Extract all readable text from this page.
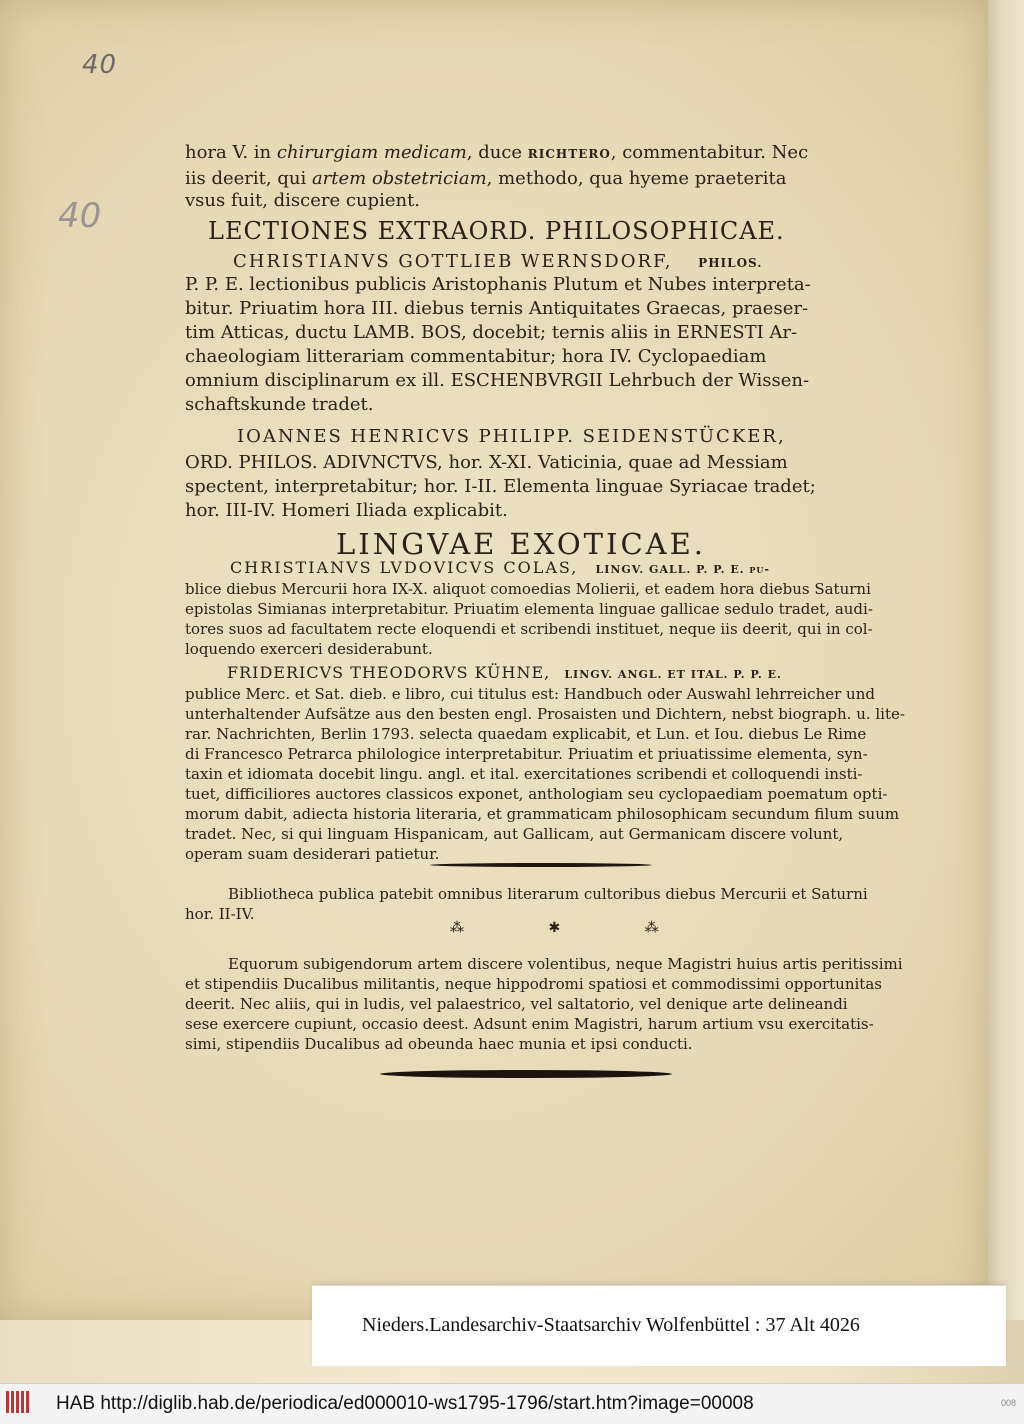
40
40
hora V. in chirurgiam medicam, duce RICHTERO, commentabitur. Nec
iis deerit, qui artem obstetriciam, methodo, qua hyeme praeterita
vsus fuit, discere cupient.
LECTIONES EXTRAORD. PHILOSOPHICAE.
CHRISTIANVS GOTTLIEB WERNSDORF, PHILOS.
P. P. E. lectionibus publicis Aristophanis Plutum et Nubes interpreta-
bitur. Priuatim hora III. diebus ternis Antiquitates Graecas, praeser-
tim Atticas, ductu LAMB. BOS, docebit; ternis aliis in ERNESTI Ar-
chaeologiam litterariam commentabitur; hora IV. Cyclopaediam
omnium disciplinarum ex ill. ESCHENBVRGII Lehrbuch der Wissen-
schaftskunde tradet.
IOANNES HENRICVS PHILIPP. SEIDENSTÜCKER,
ORD. PHILOS. ADIVNCTVS, hor. X-XI. Vaticinia, quae ad Messiam
spectent, interpretabitur; hor. I-II. Elementa linguae Syriacae tradet;
hor. III-IV. Homeri Iliada explicabit.
LINGVAE EXOTICAE.
CHRISTIANVS LVDOVICVS COLAS, LINGV. GALL. P. P. E. pu-
blice diebus Mercurii hora IX-X. aliquot comoedias Molierii, et eadem hora diebus Saturni
epistolas Simianas interpretabitur. Priuatim elementa linguae gallicae sedulo tradet, audi-
tores suos ad facultatem recte eloquendi et scribendi instituet, neque iis deerit, qui in col-
loquendo exerceri desiderabunt.
FRIDERICVS THEODORVS KÜHNE, LINGV. ANGL. ET ITAL. P. P. E.
publice Merc. et Sat. dieb. e libro, cui titulus est: Handbuch oder Auswahl lehrreicher und
unterhaltender Aufsätze aus den besten engl. Prosaisten und Dichtern, nebst biograph. u. lite-
rar. Nachrichten, Berlin 1793. selecta quaedam explicabit, et Lun. et Iou. diebus Le Rime
di Francesco Petrarca philologice interpretabitur. Priuatim et priuatissime elementa, syn-
taxin et idiomata docebit lingu. angl. et ital. exercitationes scribendi et colloquendi insti-
tuet, difficiliores auctores classicos exponet, anthologiam seu cyclopaediam poematum opti-
morum dabit, adiecta historia literaria, et grammaticam philosophicam secundum filum suum
tradet. Nec, si qui linguam Hispanicam, aut Gallicam, aut Germanicam discere volunt,
operam suam desiderari patietur.
Bibliotheca publica patebit omnibus literarum cultoribus diebus Mercurii et Saturni
hor. II-IV.
⁂ ✱ ⁂
Equorum subigendorum artem discere volentibus, neque Magistri huius artis peritissimi
et stipendiis Ducalibus militantis, neque hippodromi spatiosi et commodissimi opportunitas
deerit. Nec aliis, qui in ludis, vel palaestrico, vel saltatorio, vel denique arte delineandi
sese exercere cupiunt, occasio deest. Adsunt enim Magistri, harum artium vsu exercitatis-
simi, stipendiis Ducalibus ad obeunda haec munia et ipsi conducti.
Nieders.Landesarchiv-Staatsarchiv Wolfenbüttel : 37 Alt 4026
HAB http://diglib.hab.de/periodica/ed000010-ws1795-1796/start.htm?image=00008	008
